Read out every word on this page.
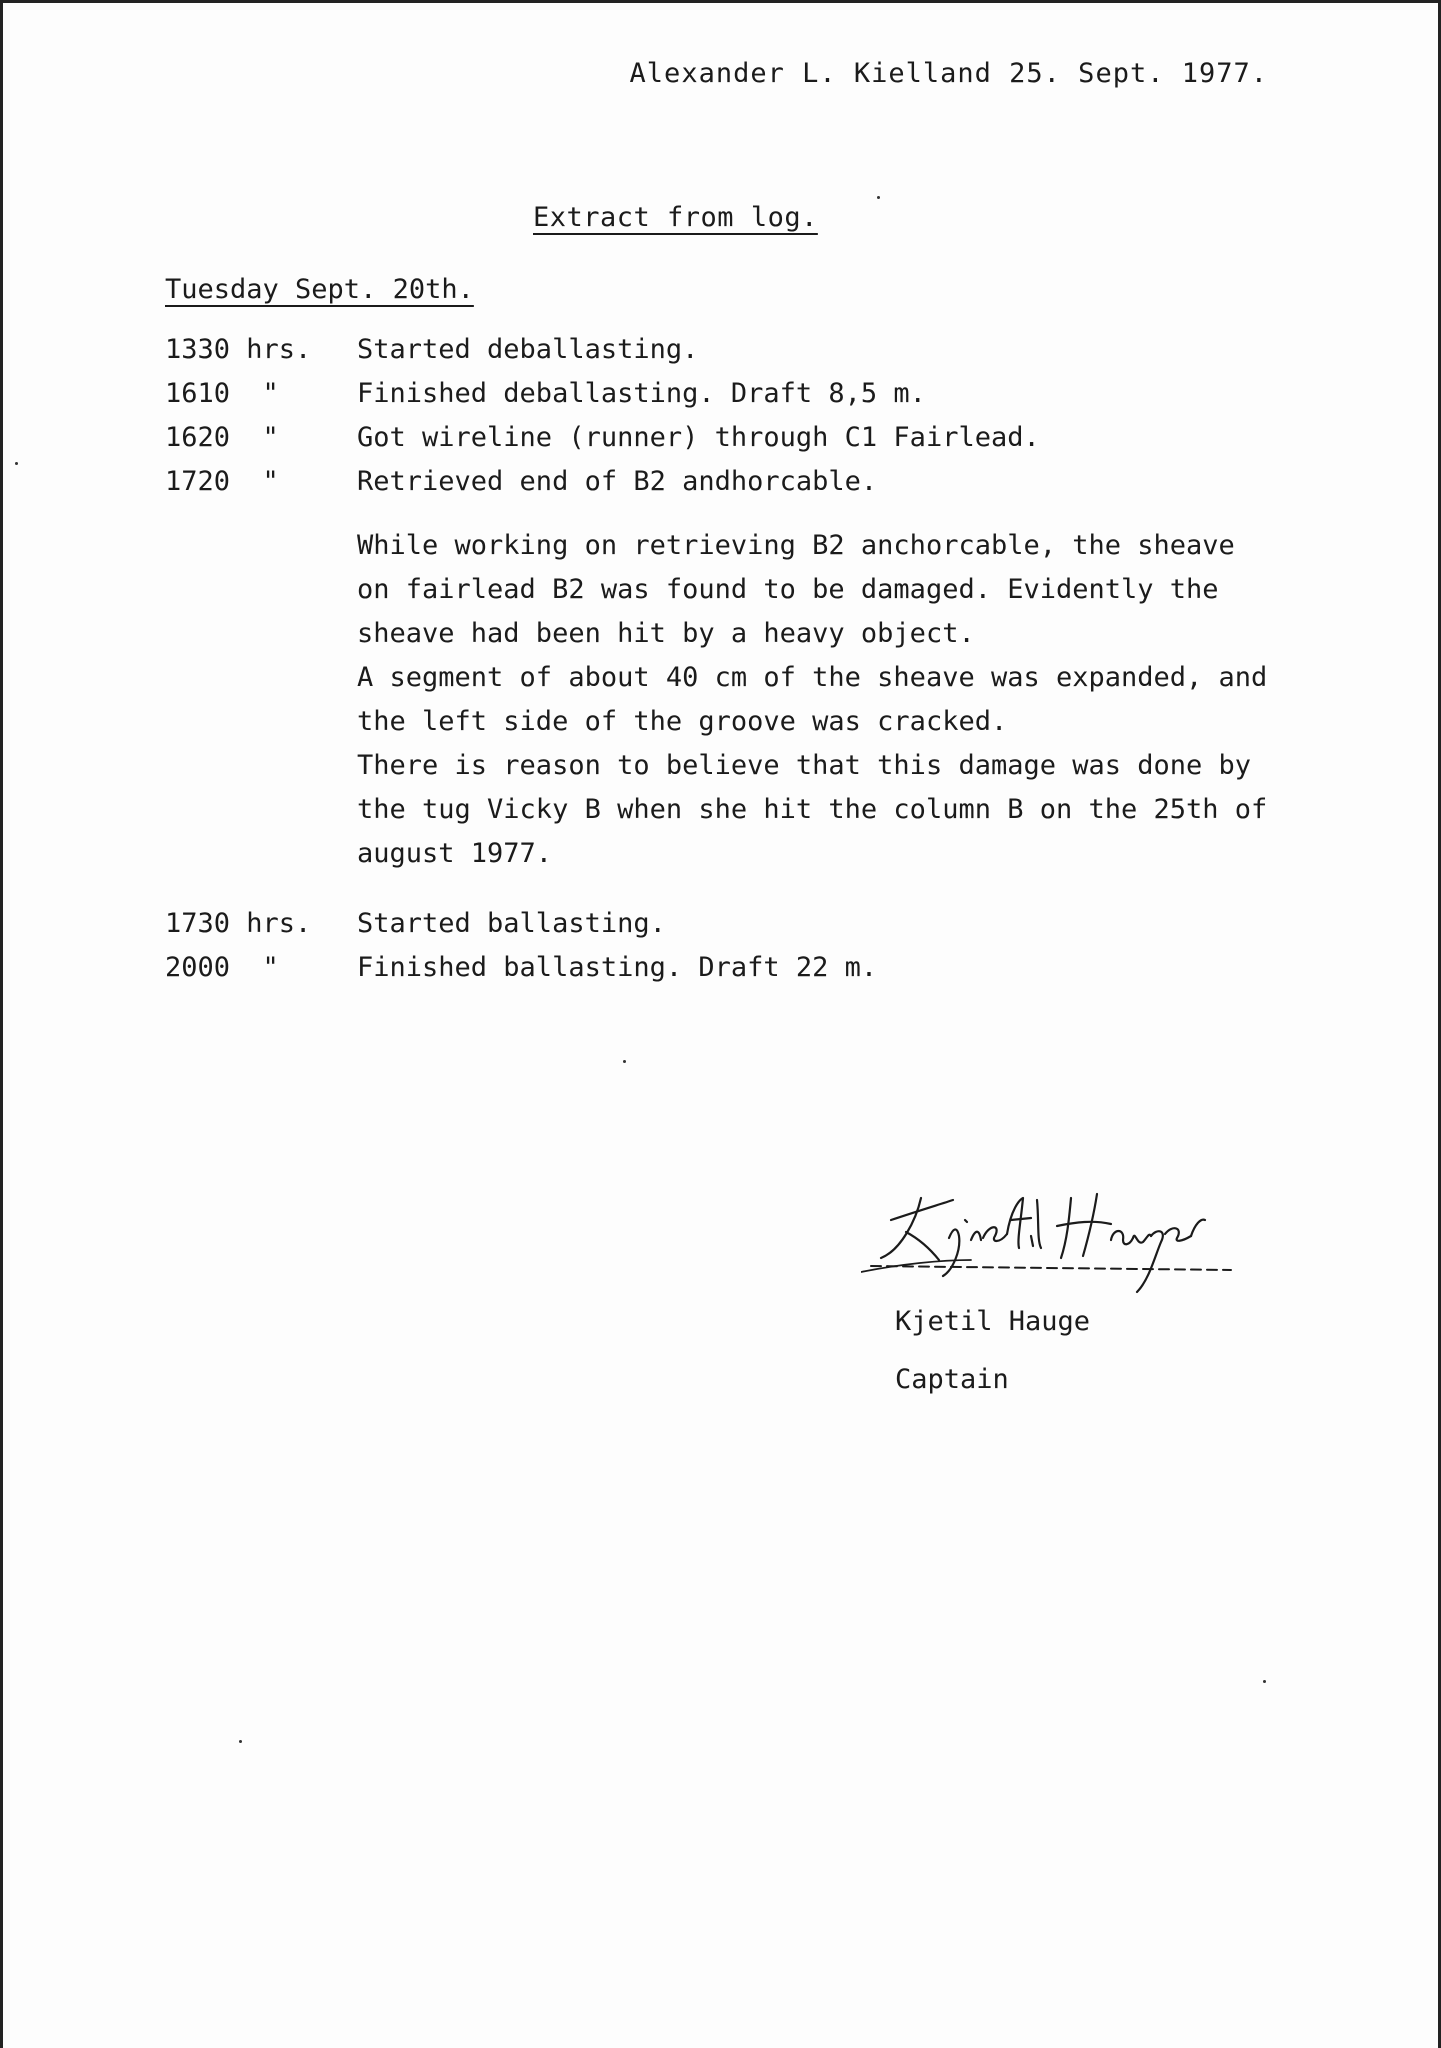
Alexander L. Kielland 25. Sept. 1977.
Extract from log.
Tuesday Sept. 20th.
1330 hrs.	Started deballasting.
1610  "	Finished deballasting. Draft 8,5 m.
1620  "	Got wireline (runner) through C1 Fairlead.
1720  "	Retrieved end of B2 andhorcable.
While working on retrieving B2 anchorcable, the sheave
on fairlead B2 was found to be damaged. Evidently the
sheave had been hit by a heavy object.
A segment of about 40 cm of the sheave was expanded, and
the left side of the groove was cracked.
There is reason to believe that this damage was done by
the tug Vicky B when she hit the column B on the 25th of
august 1977.
1730 hrs.	Started ballasting.
2000  "	Finished ballasting. Draft 22 m.
Kjetil Hauge
Captain
